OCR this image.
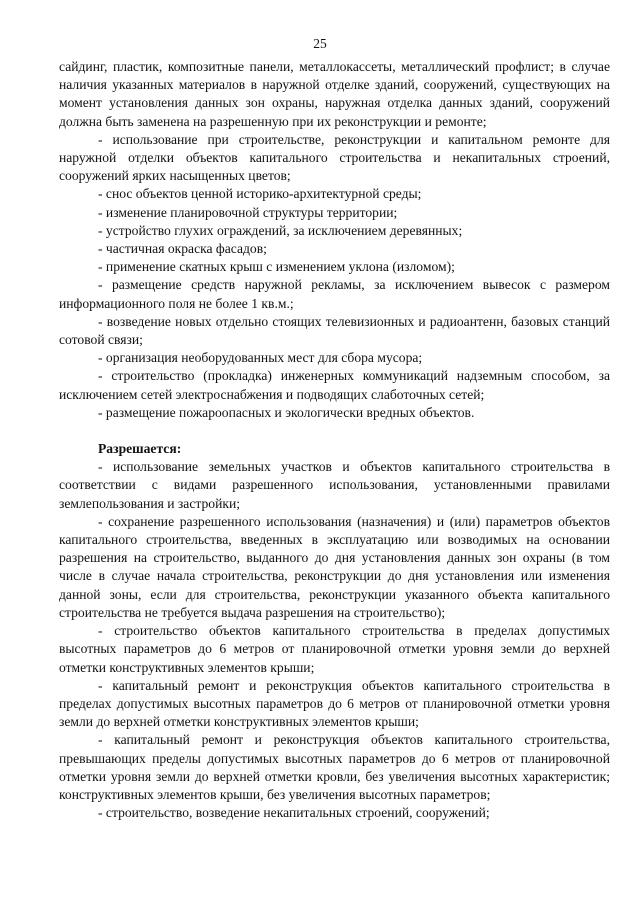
25

сайдинг, пластик, композитные панели, металлокассеты, металлический профлист; в случае наличия указанных материалов в наружной отделке зданий, сооружений, существующих на момент установления данных зон охраны, наружная отделка данных зданий, сооружений должна быть заменена на разрешенную при их реконструкции и ремонте;

- использование при строительстве, реконструкции и капитальном ремонте для наружной отделки объектов капитального строительства и некапитальных строений, сооружений ярких насыщенных цветов;

- снос объектов ценной историко-архитектурной среды;

- изменение планировочной структуры территории;

- устройство глухих ограждений, за исключением деревянных;

- частичная окраска фасадов;

- применение скатных крыш с изменением уклона (изломом);

- размещение средств наружной рекламы, за исключением вывесок с размером информационного поля не более 1 кв.м.;

- возведение новых отдельно стоящих телевизионных и радиоантенн, базовых станций сотовой связи;

- организация необорудованных мест для сбора мусора;

- строительство (прокладка) инженерных коммуникаций надземным способом, за исключением сетей электроснабжения и подводящих слаботочных сетей;

- размещение пожароопасных и экологически вредных объектов.

Разрешается:

- использование земельных участков и объектов капитального строительства в соответствии с видами разрешенного использования, установленными правилами землепользования и застройки;

- сохранение разрешенного использования (назначения) и (или) параметров объектов капитального строительства, введенных в эксплуатацию или возводимых на основании разрешения на строительство, выданного до дня установления данных зон охраны (в том числе в случае начала строительства, реконструкции до дня установления или изменения данной зоны, если для строительства, реконструкции указанного объекта капитального строительства не требуется выдача разрешения на строительство);

- строительство объектов капитального строительства в пределах допустимых высотных параметров до 6 метров от планировочной отметки уровня земли до верхней отметки конструктивных элементов крыши;

- капитальный ремонт и реконструкция объектов капитального строительства в пределах допустимых высотных параметров до 6 метров от планировочной отметки уровня земли до верхней отметки конструктивных элементов крыши;

- капитальный ремонт и реконструкция объектов капитального строительства, превышающих пределы допустимых высотных параметров до 6 метров от планировочной отметки уровня земли до верхней отметки кровли, без увеличения высотных характеристик; конструктивных элементов крыши, без увеличения высотных параметров;

- строительство, возведение некапитальных строений, сооружений;
